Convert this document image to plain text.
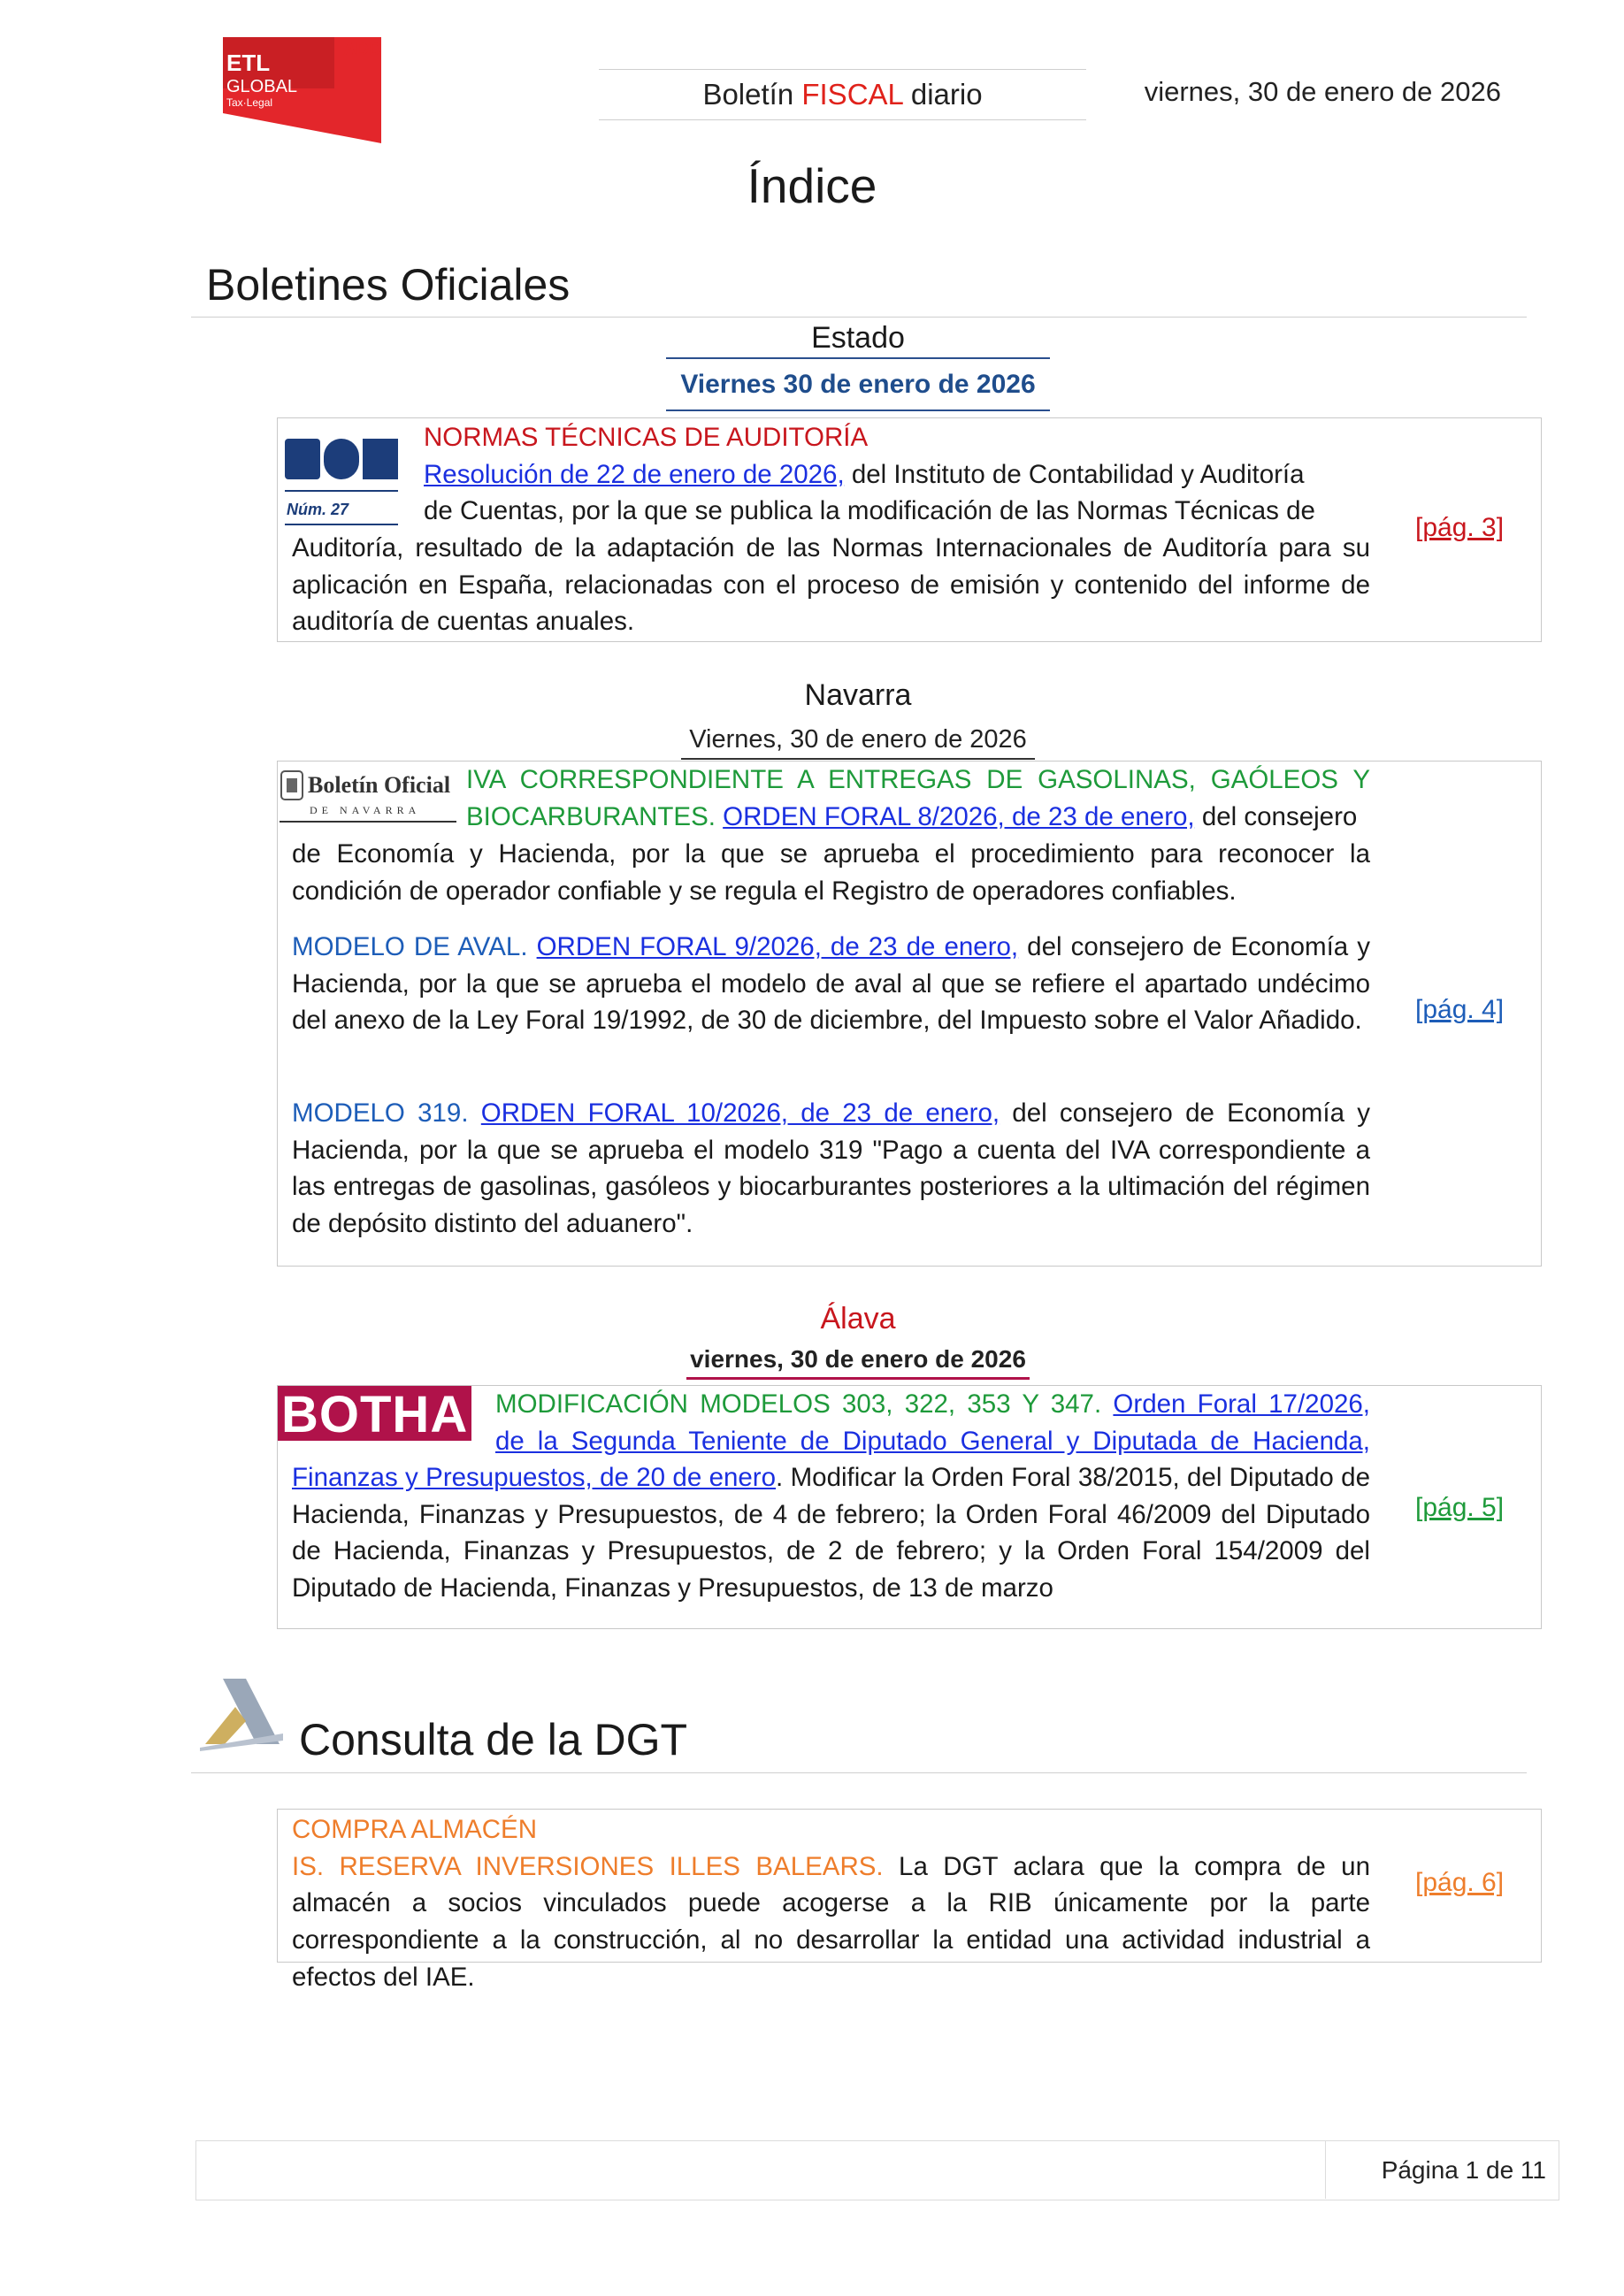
ADD
ETL
GLOBAL
Tax·Legal	Boletín FISCAL diario	viernes, 30 de enero de 2026
Índice
Boletines Oficiales
Estado
Viernes 30 de enero de 2026
Núm. 27
NORMAS TÉCNICAS DE AUDITORÍA
Resolución de 22 de enero de 2026, del Instituto de Contabilidad y Auditoría
de Cuentas, por la que se publica la modificación de las Normas Técnicas de
Auditoría, resultado de la adaptación de las Normas Internacionales de Auditoría para su aplicación en España, relacionadas con el proceso de emisión y contenido del informe de auditoría de cuentas anuales.
[pág. 3]
Navarra
Viernes, 30 de enero de 2026
Boletín Oficial
DE NAVARRA
IVA CORRESPONDIENTE A ENTREGAS DE GASOLINAS, GAÓLEOS Y
BIOCARBURANTES. ORDEN FORAL 8/2026, de 23 de enero, del consejero
de Economía y Hacienda, por la que se aprueba el procedimiento para reconocer la condición de operador confiable y se regula el Registro de operadores confiables.
MODELO DE AVAL. ORDEN FORAL 9/2026, de 23 de enero, del consejero de Economía y Hacienda, por la que se aprueba el modelo de aval al que se refiere el apartado undécimo del anexo de la Ley Foral 19/1992, de 30 de diciembre, del Impuesto sobre el Valor Añadido.
MODELO 319. ORDEN FORAL 10/2026, de 23 de enero, del consejero de Economía y Hacienda, por la que se aprueba el modelo 319 "Pago a cuenta del IVA correspondiente a las entregas de gasolinas, gasóleos y biocarburantes posteriores a la ultimación del régimen de depósito distinto del aduanero".
[pág. 4]
Álava
viernes, 30 de enero de 2026
BOTHA MODIFICACIÓN MODELOS 303, 322, 353 Y 347. Orden Foral 17/2026,
de la Segunda Teniente de Diputado General y Diputada de Hacienda,
Finanzas y Presupuestos, de 20 de enero. Modificar la Orden Foral 38/2015, del Diputado de Hacienda, Finanzas y Presupuestos, de 4 de febrero; la Orden Foral 46/2009 del Diputado de Hacienda, Finanzas y Presupuestos, de 2 de febrero; y la Orden Foral 154/2009 del Diputado de Hacienda, Finanzas y Presupuestos, de 13 de marzo
[pág. 5]
Consulta de la DGT
COMPRA ALMACÉN
IS. RESERVA INVERSIONES ILLES BALEARS. La DGT aclara que la compra de un almacén a socios vinculados puede acogerse a la RIB únicamente por la parte correspondiente a la construcción, al no desarrollar la entidad una actividad industrial a efectos del IAE.
[pág. 6]
Página 1 de 11
